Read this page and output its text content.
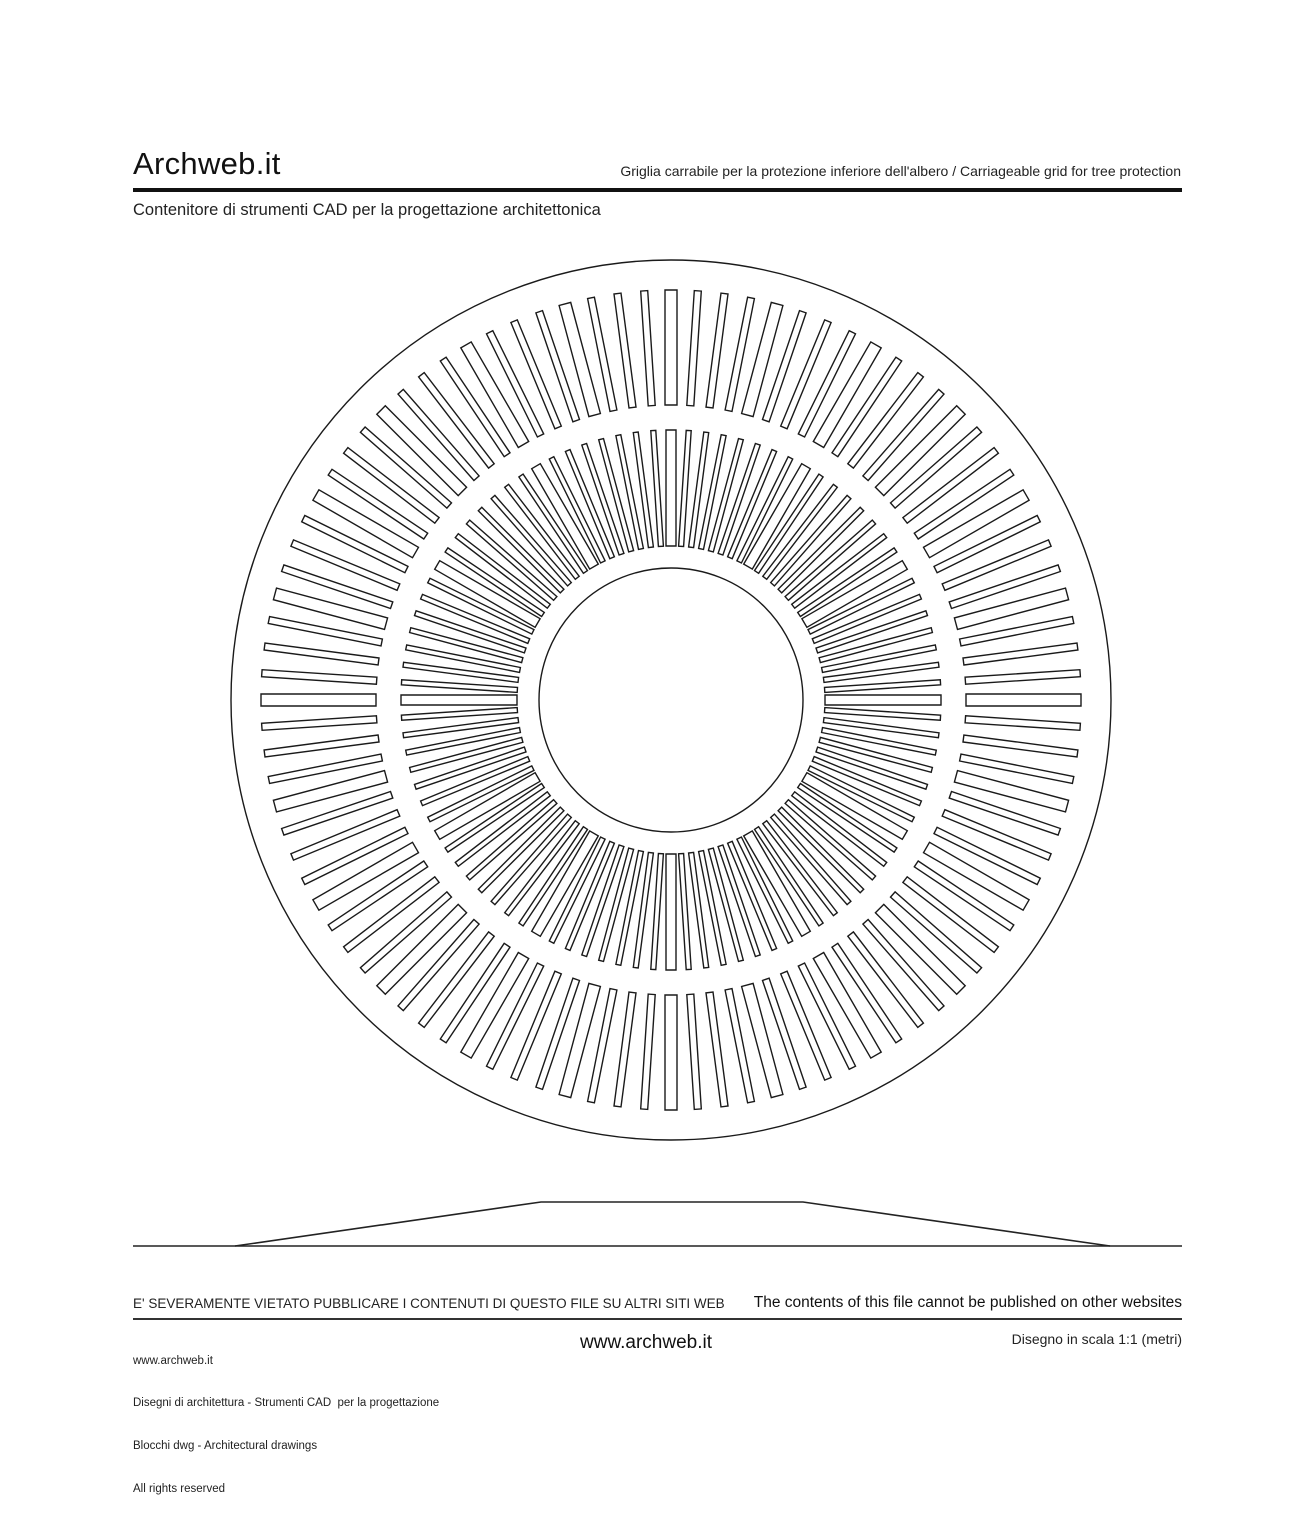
Archweb.it	Griglia carrabile per la protezione inferiore dell'albero / Carriageable grid for tree protection
Contenitore di strumenti CAD per la progettazione architettonica
E' SEVERAMENTE VIETATO PUBBLICARE I CONTENUTI DI QUESTO FILE SU ALTRI SITI WEB The contents of this file cannot be published on other websites

www.archweb.it

Disegni di architettura - Strumenti CAD  per la progettazione

Blocchi dwg - Architectural drawings

All rights reserved

www.archweb.it	Disegno in scala 1:1 (metri)
